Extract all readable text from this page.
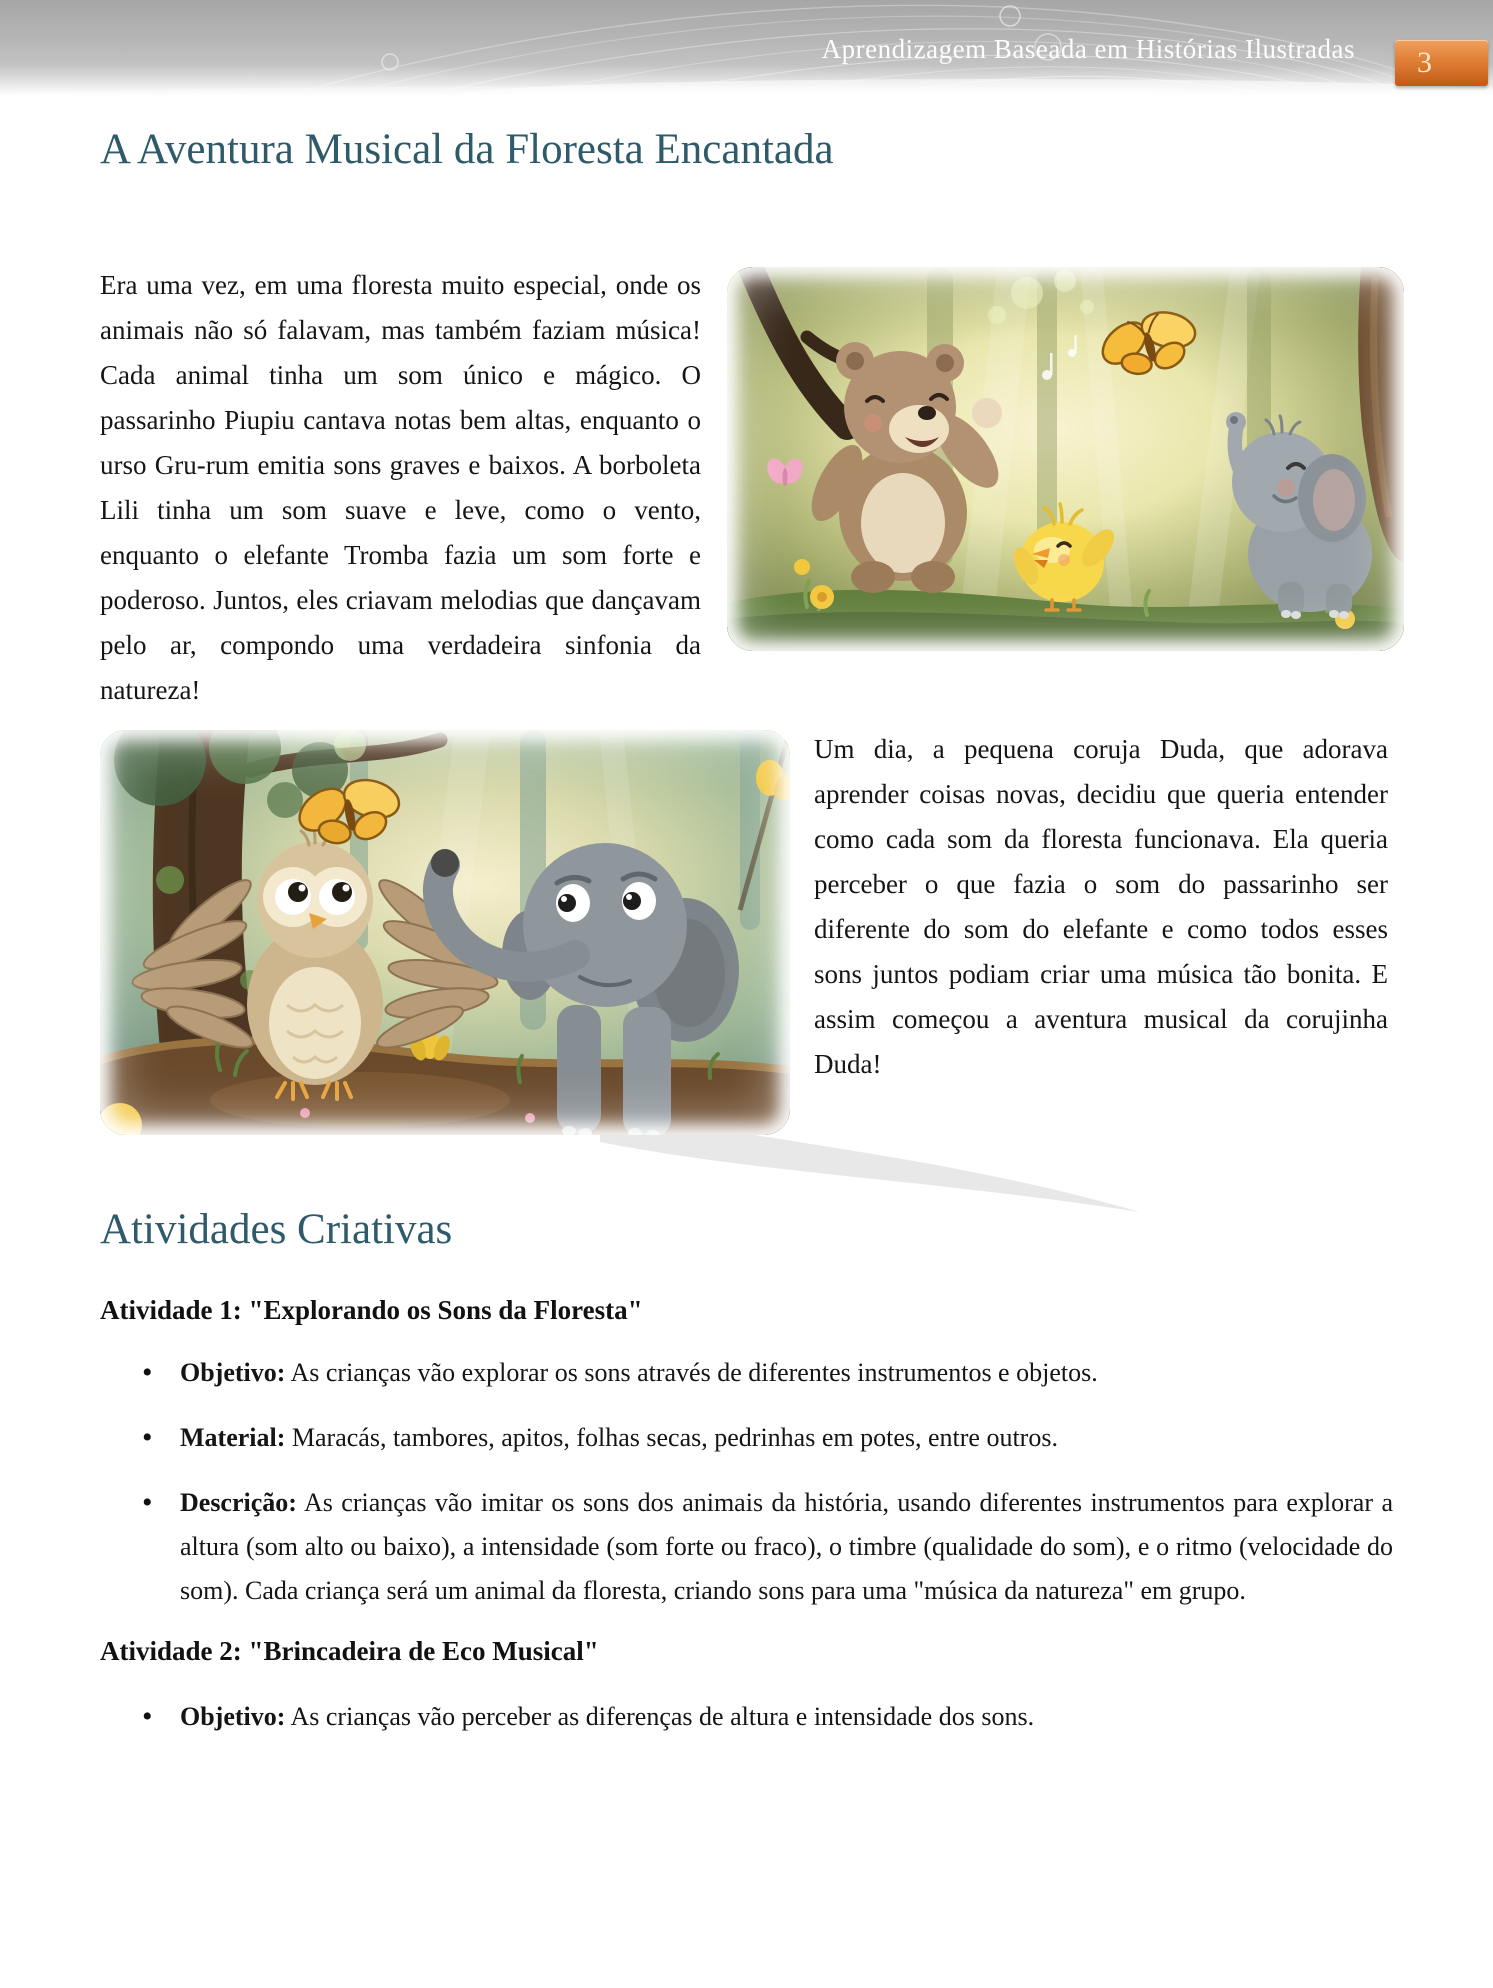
Aprendizagem Baseada em Histórias Ilustradas 3
A Aventura Musical da Floresta Encantada

Era uma vez, em uma floresta muito especial, onde os animais não só falavam, mas também faziam música! Cada animal tinha um som único e mágico. O passarinho Piupiu cantava notas bem altas, enquanto o urso Gru-rum emitia sons graves e baixos. A borboleta Lili tinha um som suave e leve, como o vento, enquanto o elefante Tromba fazia um som forte e poderoso. Juntos, eles criavam melodias que dançavam pelo ar, compondo uma verdadeira sinfonia da natureza!

Um dia, a pequena coruja Duda, que adorava aprender coisas novas, decidiu que queria entender como cada som da floresta funcionava. Ela queria perceber o que fazia o som do passarinho ser diferente do som do elefante e como todos esses sons juntos podiam criar uma música tão bonita. E assim começou a aventura musical da corujinha Duda!

Atividades Criativas
Atividade 1: "Explorando os Sons da Floresta"
• Objetivo: As crianças vão explorar os sons através de diferentes instrumentos e objetos.
• Material: Maracás, tambores, apitos, folhas secas, pedrinhas em potes, entre outros.
• Descrição: As crianças vão imitar os sons dos animais da história, usando diferentes instrumentos para explorar a altura (som alto ou baixo), a intensidade (som forte ou fraco), o timbre (qualidade do som), e o ritmo (velocidade do som). Cada criança será um animal da floresta, criando sons para uma "música da natureza" em grupo.
Atividade 2: "Brincadeira de Eco Musical"
• Objetivo: As crianças vão perceber as diferenças de altura e intensidade dos sons.
